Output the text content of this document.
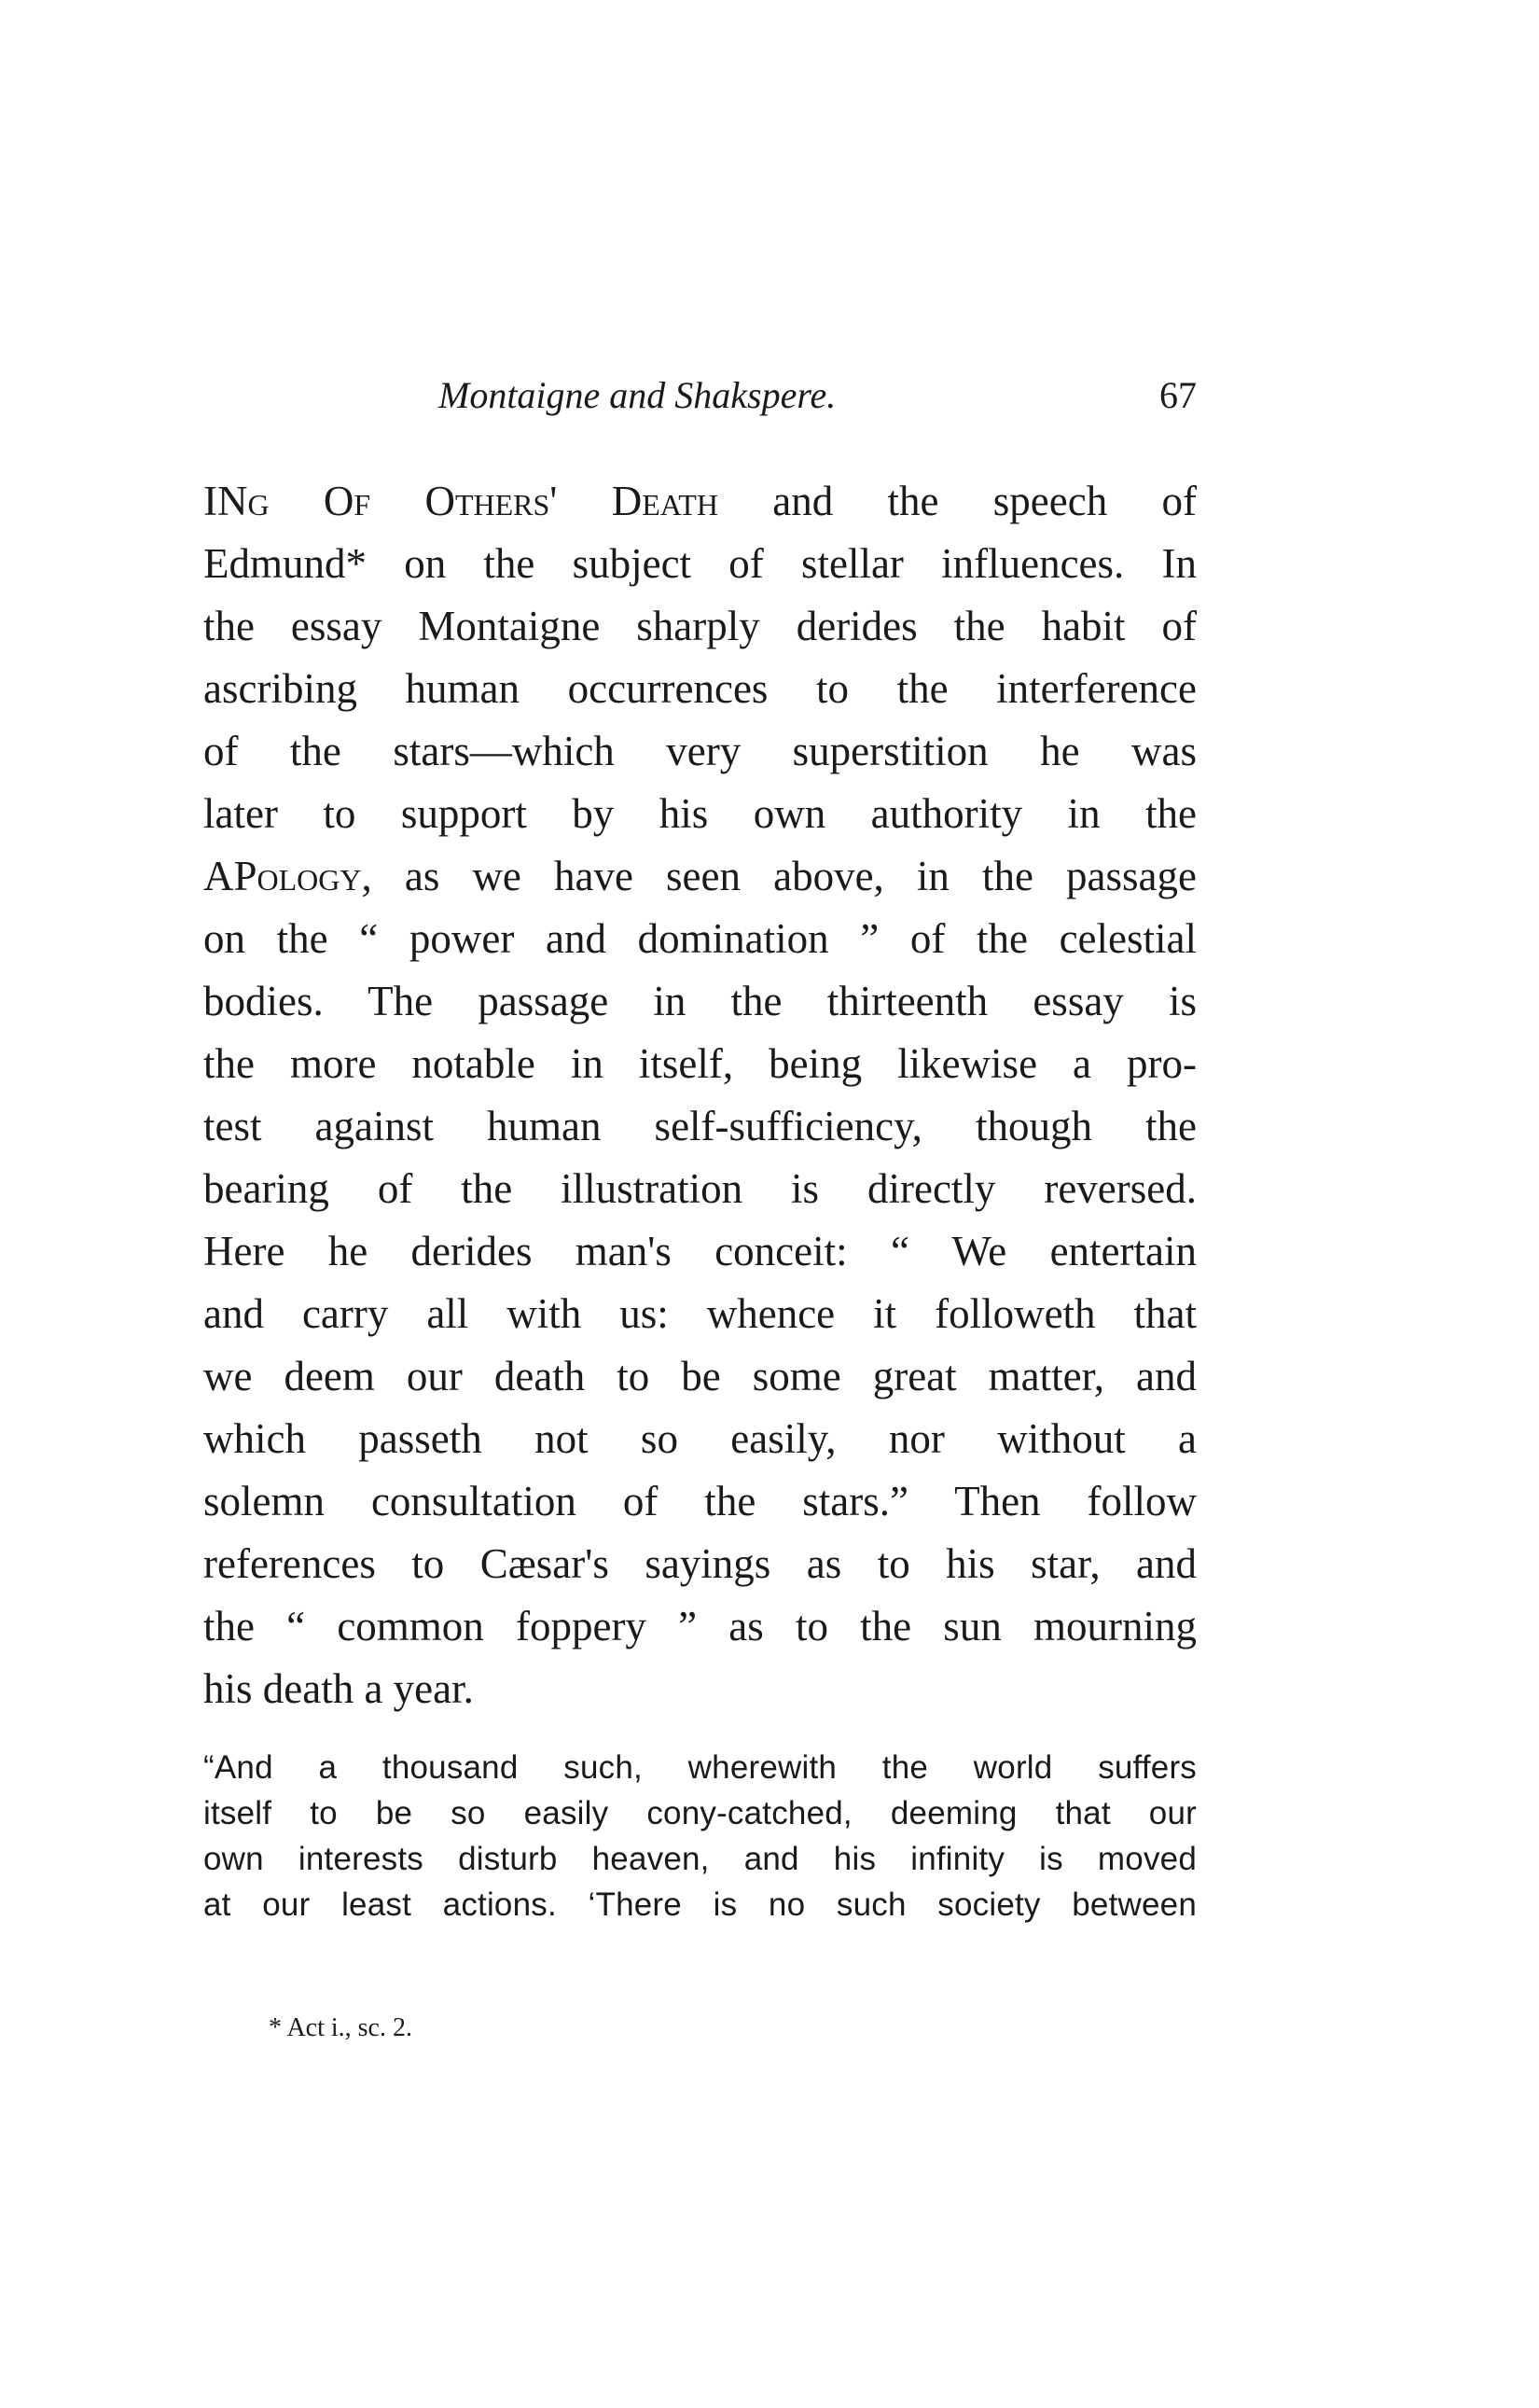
Montaigne and Shakspere.	67

INg Of Others' Death and the speech of
Edmund* on the subject of stellar influences. In
the essay Montaigne sharply derides the habit of
ascribing human occurrences to the interference
of the stars—which very superstition he was
later to support by his own authority in the
APology, as we have seen above, in the passage
on the “ power and domination ” of the celestial
bodies. The passage in the thirteenth essay is
the more notable in itself, being likewise a pro-
test against human self-sufficiency, though the
bearing of the illustration is directly reversed.
Here he derides man's conceit: “ We entertain
and carry all with us: whence it followeth that
we deem our death to be some great matter, and
which passeth not so easily, nor without a
solemn consultation of the stars.” Then follow
references to Cæsar's sayings as to his star, and
the “ common foppery ” as to the sun mourning
his death a year.

“And a thousand such, wherewith the world suffers
itself to be so easily cony-catched, deeming that our
own interests disturb heaven, and his infinity is moved
at our least actions. ‘There is no such society between

* Act i., sc. 2.
